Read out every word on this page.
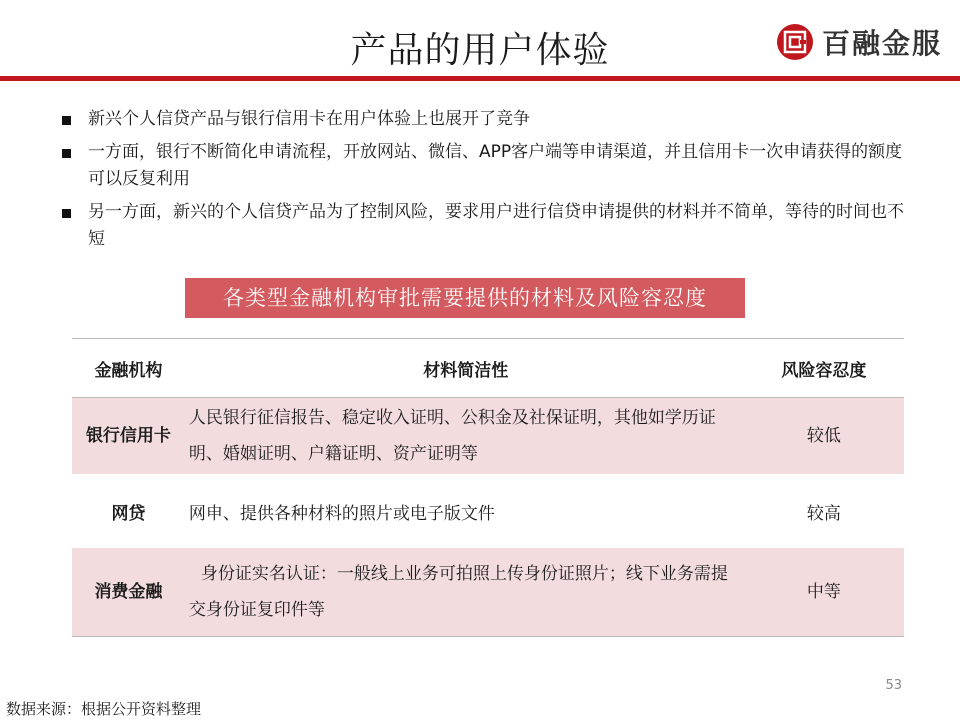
产品的用户体验	百融金服
新兴个人信贷产品与银行信用卡在用户体验上也展开了竞争
一方面，银行不断简化申请流程，开放网站、微信、APP客户端等申请渠道，并且信用卡一次申请获得的额度可以反复利用
另一方面，新兴的个人信贷产品为了控制风险，要求用户进行信贷申请提供的材料并不简单，等待的时间也不短
各类型金融机构审批需要提供的材料及风险容忍度
金融机构	材料简洁性	风险容忍度
银行信用卡	人民银行征信报告、稳定收入证明、公积金及社保证明，其他如学历证明、婚姻证明、户籍证明、资产证明等	较低
网贷	网申、提供各种材料的照片或电子版文件	较高
消费金融	身份证实名认证：一般线上业务可拍照上传身份证照片；线下业务需提交身份证复印件等	中等
53
数据来源：根据公开资料整理
